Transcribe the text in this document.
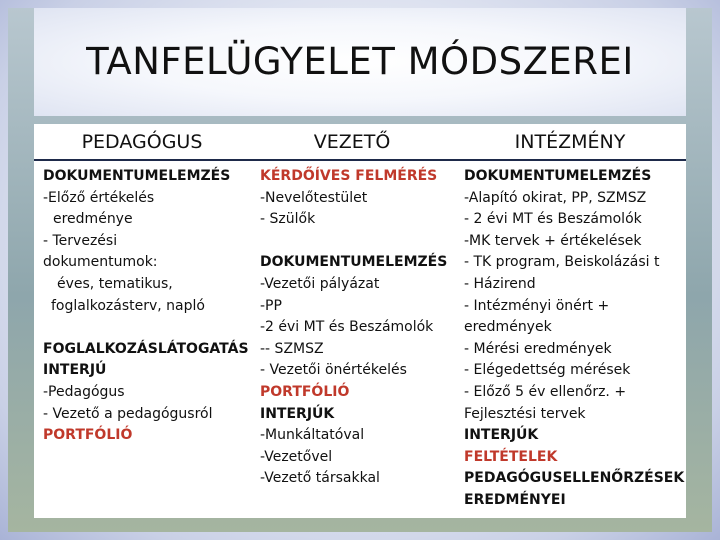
TANFELÜGYELET MÓDSZEREI
PEDAGÓGUS	VEZETŐ	INTÉZMÉNY
DOKUMENTUMELEMZÉS
-Előző értékelés
eredménye
- Tervezési
dokumentumok:
éves, tematikus,
foglalkozásterv, napló
FOGLALKOZÁSLÁTOGATÁS
INTERJÚ
-Pedagógus
- Vezető a pedagógusról
PORTFÓLIÓ
KÉRDŐÍVES FELMÉRÉS
-Nevelőtestület
- Szülők
DOKUMENTUMELEMZÉS
-Vezetői pályázat
-PP
-2 évi MT és Beszámolók
-- SZMSZ
- Vezetői önértékelés
PORTFÓLIÓ
INTERJÚK
-Munkáltatóval
-Vezetővel
-Vezető társakkal
DOKUMENTUMELEMZÉS
-Alapító okirat, PP, SZMSZ
- 2 évi MT és Beszámolók
-MK tervek + értékelések
- TK program, Beiskolázási t
- Házirend
- Intézményi önért +
eredmények
- Mérési eredmények
- Elégedettség mérések
- Előző 5 év ellenőrz. +
Fejlesztési tervek
INTERJÚK
FELTÉTELEK
PEDAGÓGUSELLENŐRZÉSEK
EREDMÉNYEI
